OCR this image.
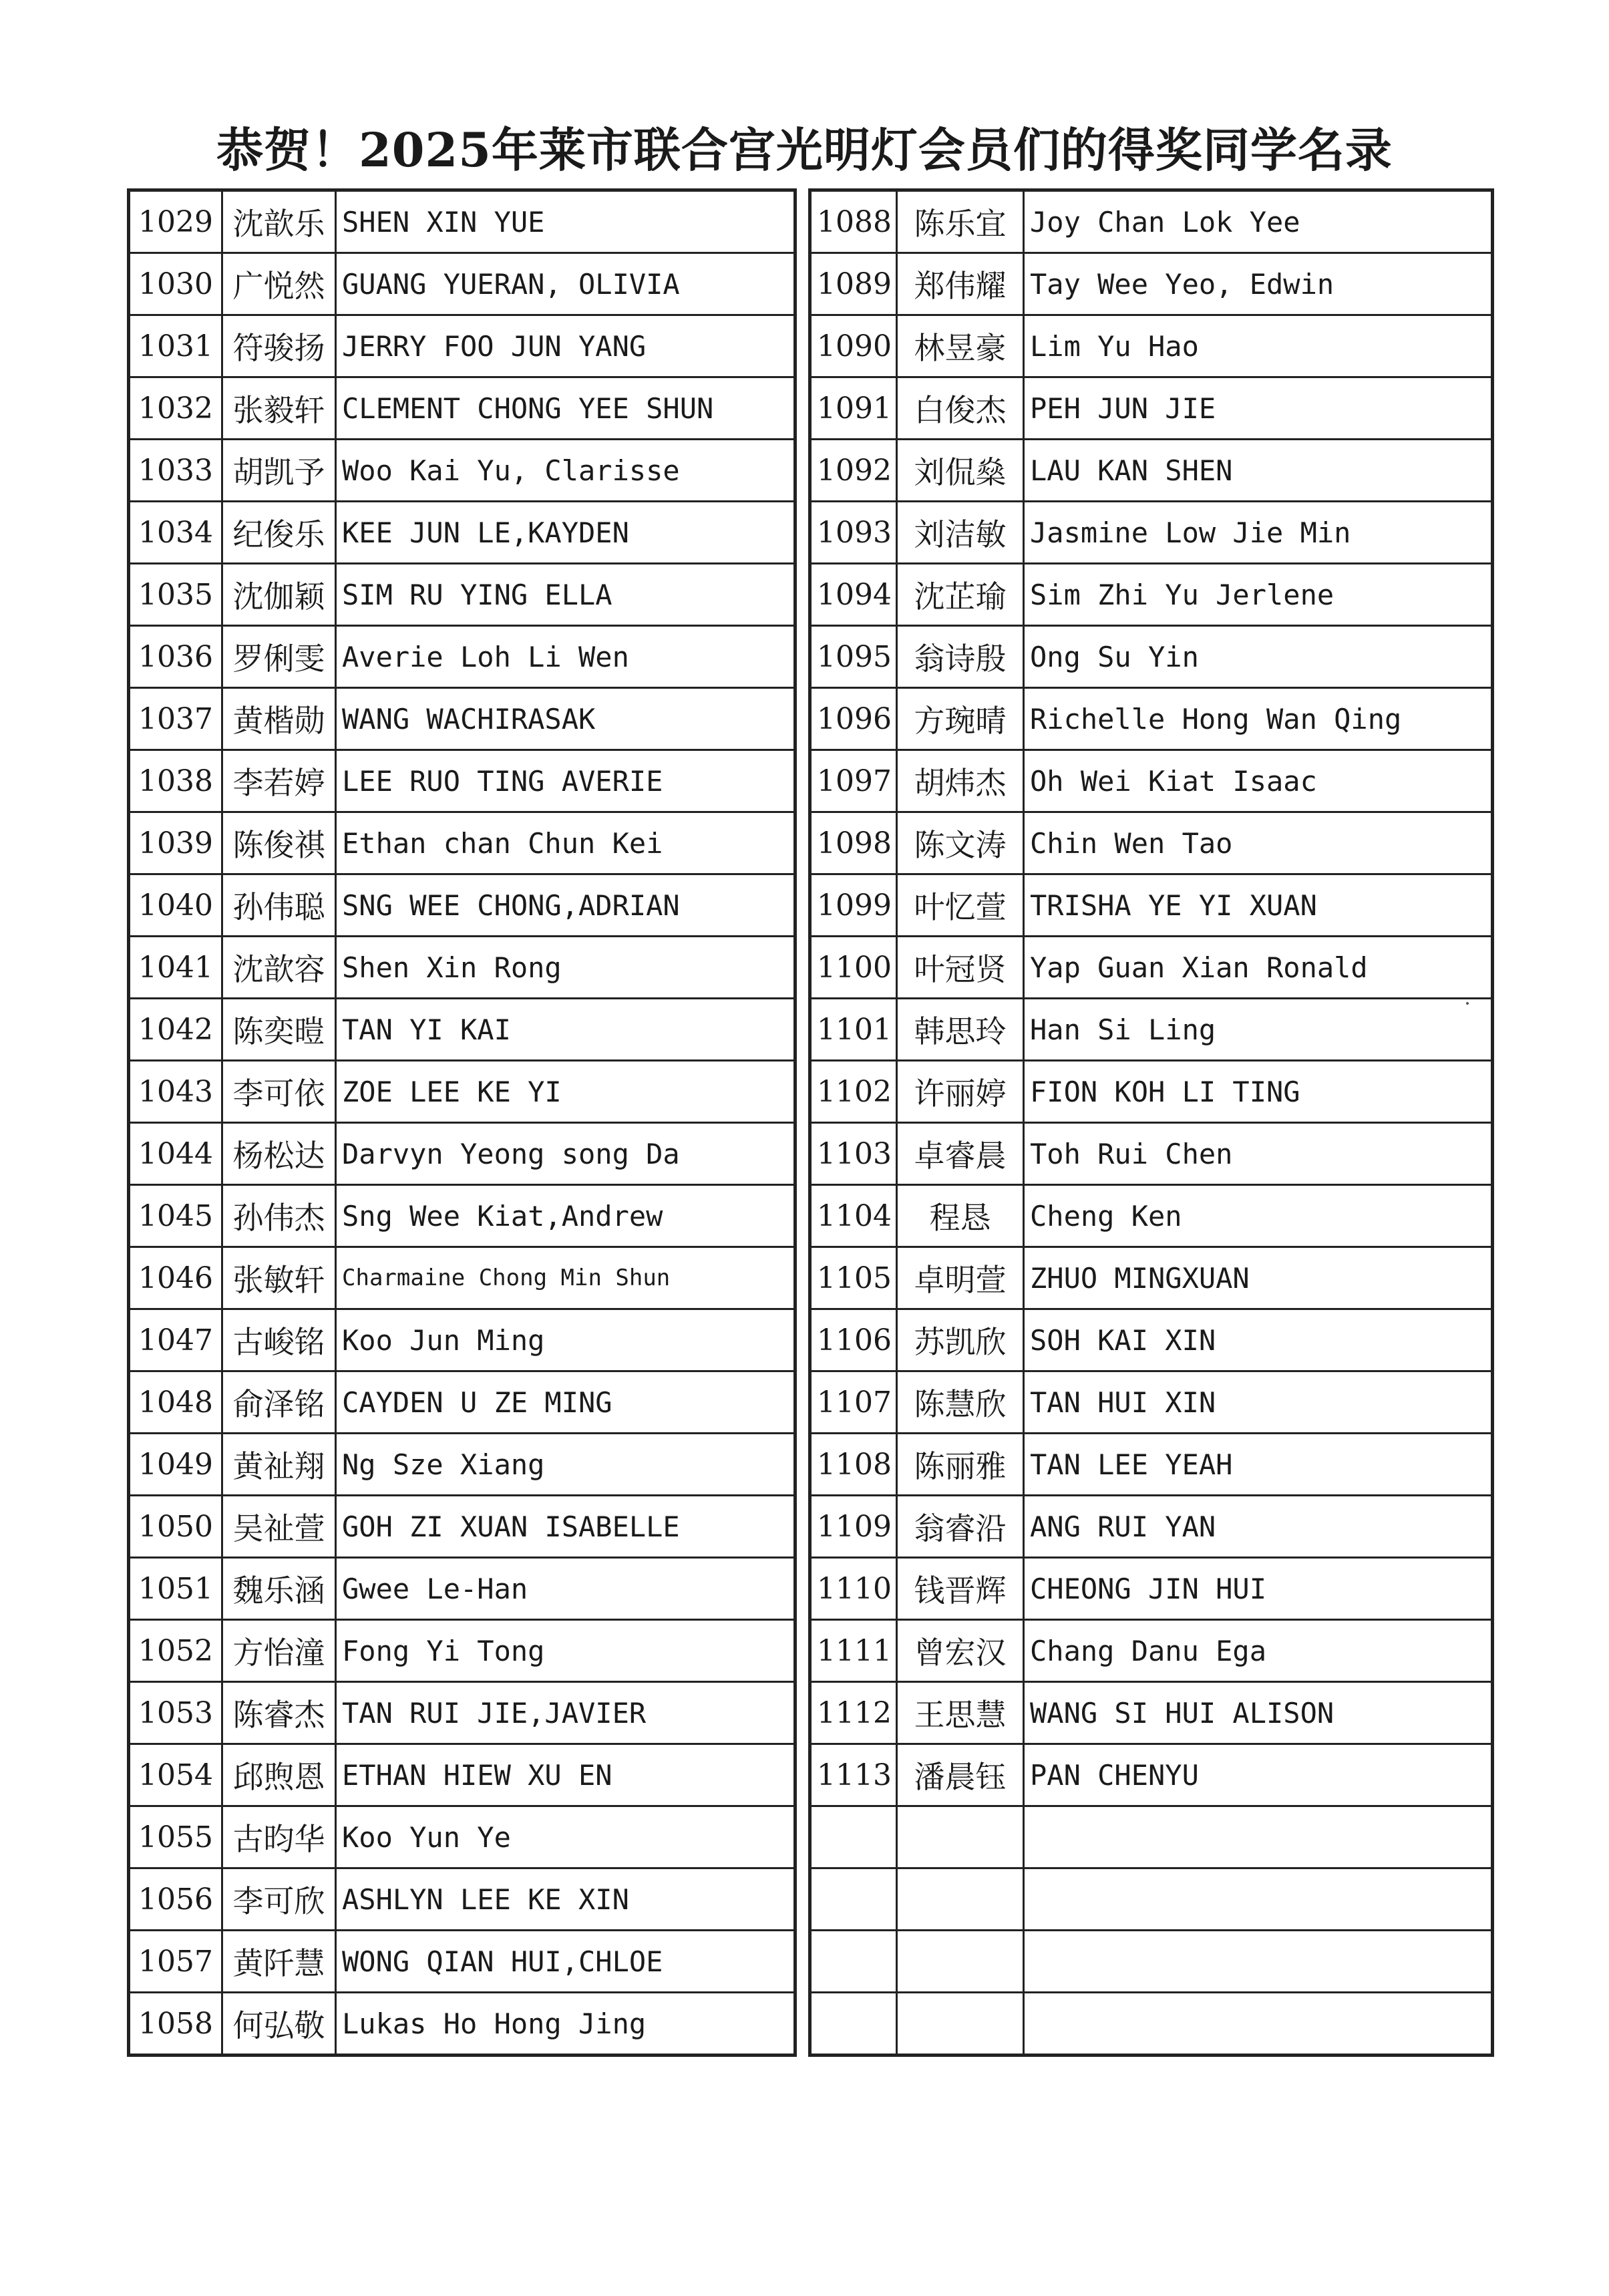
恭贺！2025年莱市联合宫光明灯会员们的得奖同学名录
1029	沈歆乐	SHEN XIN YUE
1030	广悦然	GUANG YUERAN, OLIVIA
1031	符骏扬	JERRY FOO JUN YANG
1032	张毅轩	CLEMENT CHONG YEE SHUN
1033	胡凯予	Woo Kai Yu, Clarisse
1034	纪俊乐	KEE JUN LE,KAYDEN
1035	沈伽颖	SIM RU YING ELLA
1036	罗俐雯	Averie Loh Li Wen
1037	黄楷勋	WANG WACHIRASAK
1038	李若婷	LEE RUO TING AVERIE
1039	陈俊祺	Ethan chan Chun Kei
1040	孙伟聪	SNG WEE CHONG,ADRIAN
1041	沈歆容	Shen Xin Rong
1042	陈奕暟	TAN YI KAI
1043	李可依	ZOE LEE KE YI
1044	杨松达	Darvyn Yeong song Da
1045	孙伟杰	Sng Wee Kiat,Andrew
1046	张敏轩	Charmaine Chong Min Shun
1047	古峻铭	Koo Jun Ming
1048	俞泽铭	CAYDEN U ZE MING
1049	黄祉翔	Ng Sze Xiang
1050	吴祉萱	GOH ZI XUAN ISABELLE
1051	魏乐涵	Gwee Le-Han
1052	方怡潼	Fong Yi Tong
1053	陈睿杰	TAN RUI JIE,JAVIER
1054	邱煦恩	ETHAN HIEW XU EN
1055	古昀华	Koo Yun Ye
1056	李可欣	ASHLYN LEE KE XIN
1057	黄阡慧	WONG QIAN HUI,CHLOE
1058	何弘敬	Lukas Ho Hong Jing
1088	陈乐宜	Joy Chan Lok Yee
1089	郑伟耀	Tay Wee Yeo, Edwin
1090	林昱豪	Lim Yu Hao
1091	白俊杰	PEH JUN JIE
1092	刘侃燊	LAU KAN SHEN
1093	刘洁敏	Jasmine Low Jie Min
1094	沈芷瑜	Sim Zhi Yu Jerlene
1095	翁诗殷	Ong Su Yin
1096	方琬晴	Richelle Hong Wan Qing
1097	胡炜杰	Oh Wei Kiat Isaac
1098	陈文涛	Chin Wen Tao
1099	叶忆萱	TRISHA YE YI XUAN
1100	叶冠贤	Yap Guan Xian Ronald
1101	韩思玲	Han Si Ling
1102	许丽婷	FION KOH LI TING
1103	卓睿晨	Toh Rui Chen
1104	程恳	Cheng Ken
1105	卓明萱	ZHUO MINGXUAN
1106	苏凯欣	SOH KAI XIN
1107	陈慧欣	TAN HUI XIN
1108	陈丽雅	TAN LEE YEAH
1109	翁睿沿	ANG RUI YAN
1110	钱晋辉	CHEONG JIN HUI
1111	曾宏汉	Chang Danu Ega
1112	王思慧	WANG SI HUI ALISON
1113	潘晨钰	PAN CHENYU
